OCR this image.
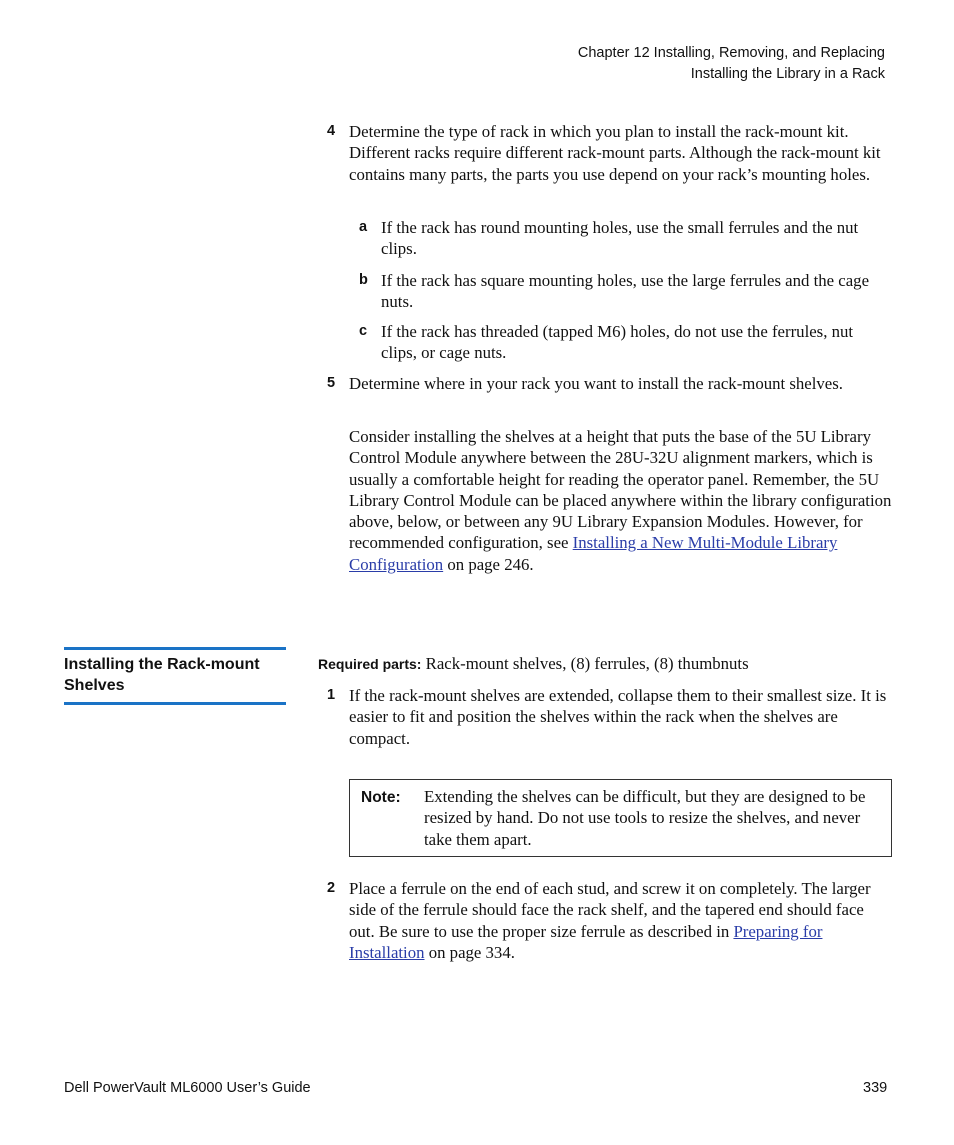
Chapter 12 Installing, Removing, and Replacing
Installing the Library in a Rack
4 Determine the type of rack in which you plan to install the rack-mount kit. Different racks require different rack-mount parts. Although the rack-mount kit contains many parts, the parts you use depend on your rack’s mounting holes.
a If the rack has round mounting holes, use the small ferrules and the nut clips.
b If the rack has square mounting holes, use the large ferrules and the cage nuts.
c If the rack has threaded (tapped M6) holes, do not use the ferrules, nut clips, or cage nuts.
5 Determine where in your rack you want to install the rack-mount shelves.
Consider installing the shelves at a height that puts the base of the 5U Library Control Module anywhere between the 28U-32U alignment markers, which is usually a comfortable height for reading the operator panel. Remember, the 5U Library Control Module can be placed anywhere within the library configuration above, below, or between any 9U Library Expansion Modules. However, for recommended configuration, see Installing a New Multi-Module Library Configuration on page 246.
Installing the Rack-mount Shelves
Required parts: Rack-mount shelves, (8) ferrules, (8) thumbnuts
1 If the rack-mount shelves are extended, collapse them to their smallest size. It is easier to fit and position the shelves within the rack when the shelves are compact.
Note: Extending the shelves can be difficult, but they are designed to be resized by hand. Do not use tools to resize the shelves, and never take them apart.
2 Place a ferrule on the end of each stud, and screw it on completely. The larger side of the ferrule should face the rack shelf, and the tapered end should face out. Be sure to use the proper size ferrule as described in Preparing for Installation on page 334.
Dell PowerVault ML6000 User’s Guide	339
